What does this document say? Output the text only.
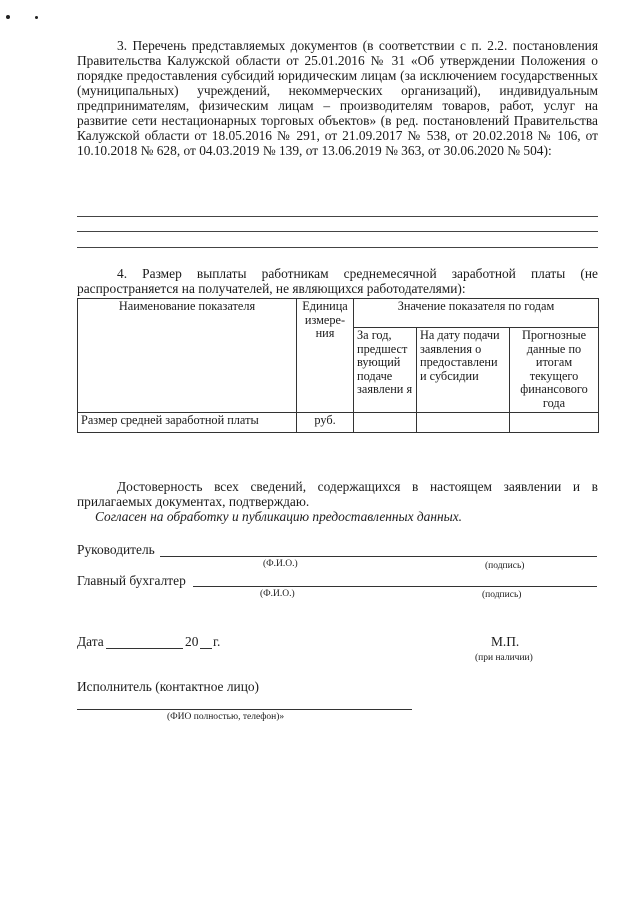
3. Перечень представляемых документов (в соответствии с п. 2.2. постановления Правительства Калужской области от 25.01.2016 № 31 «Об утверждении Положения о порядке предоставления субсидий юридическим лицам (за исключением государственных (муниципальных) учреждений, некоммерческих организаций), индивидуальным предпринимателям, физическим лицам – производителям товаров, работ, услуг на развитие сети нестационарных торговых объектов» (в ред. постановлений Правительства Калужской области от 18.05.2016 № 291, от 21.09.2017 № 538, от 20.02.2018 № 106, от 10.10.2018 № 628, от 04.03.2019 № 139, от 13.06.2019 № 363, от 30.06.2020 № 504):
4. Размер выплаты работникам среднемесячной заработной платы (не распространяется на получателей, не являющихся работодателями):
Наименование показателя	Единица измере-ния	Значение показателя по годам		
		За год, предшест вующий подаче заявлени я	На дату подачи заявления о предоставлени и субсидии	Прогнозные данные по итогам текущего финансового года
Размер средней заработной платы	руб.			
Достоверность всех сведений, содержащихся в настоящем заявлении и в прилагаемых документах, подтверждаю.
Согласен на обработку и публикацию предоставленных данных.
Руководитель
(Ф.И.О.)	(подпись)
Главный бухгалтер
(Ф.И.О.)	(подпись)
Дата	20 г.	М.П.
(при наличии)
Исполнитель (контактное лицо)
(ФИО полностью, телефон)»
